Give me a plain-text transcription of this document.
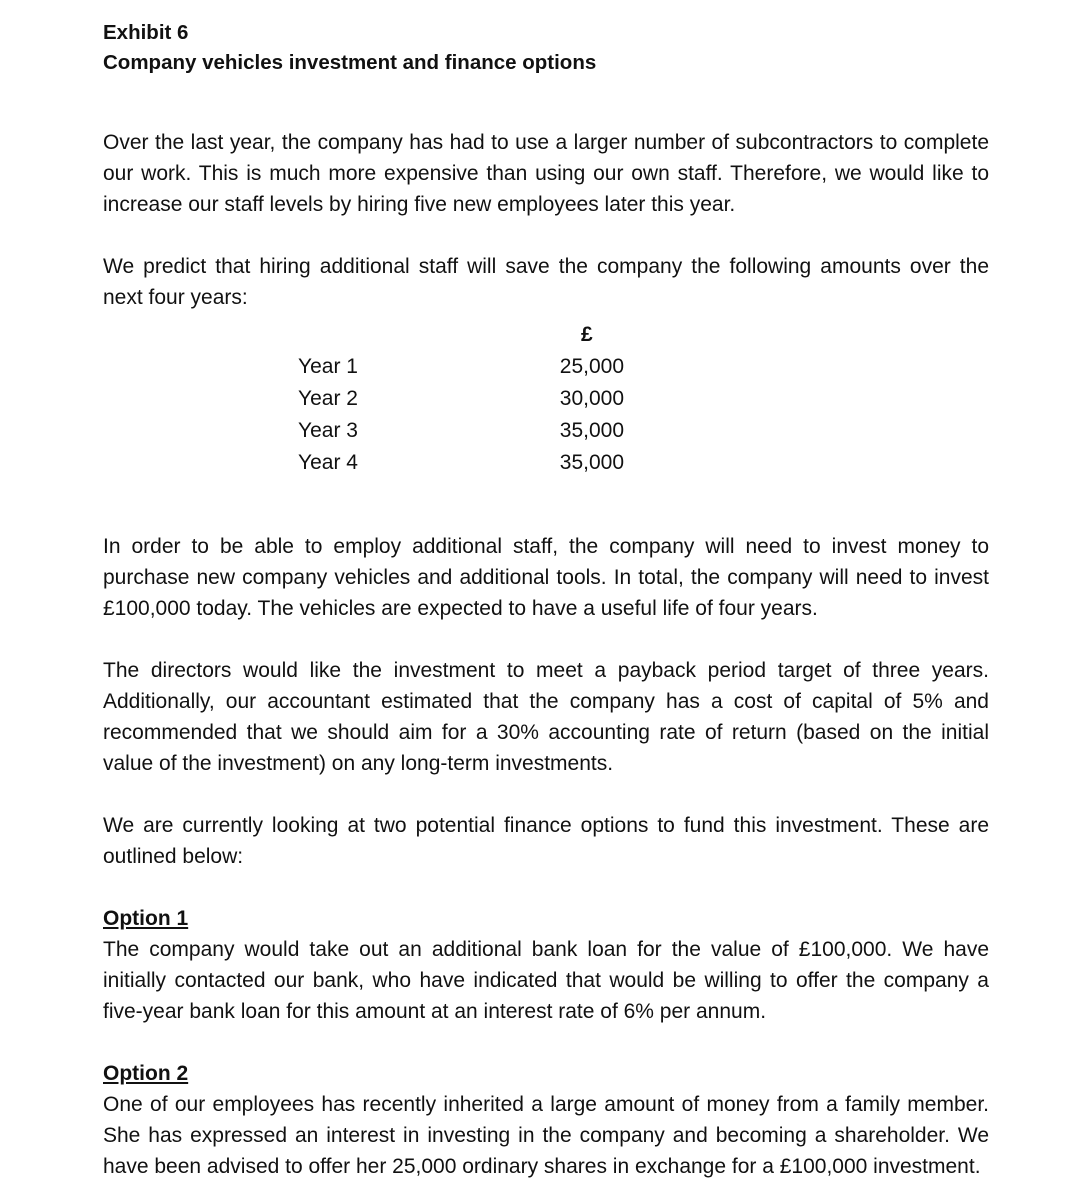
Exhibit 6

Company vehicles investment and finance options

Over the last year, the company has had to use a larger number of subcontractors to complete our work. This is much more expensive than using our own staff. Therefore, we would like to increase our staff levels by hiring five new employees later this year.

We predict that hiring additional staff will save the company the following amounts over the next four years:

£
Year 1	25,000
Year 2	30,000
Year 3	35,000
Year 4	35,000

In order to be able to employ additional staff, the company will need to invest money to purchase new company vehicles and additional tools. In total, the company will need to invest £100,000 today. The vehicles are expected to have a useful life of four years.

The directors would like the investment to meet a payback period target of three years. Additionally, our accountant estimated that the company has a cost of capital of 5% and recommended that we should aim for a 30% accounting rate of return (based on the initial value of the investment) on any long-term investments.

We are currently looking at two potential finance options to fund this investment. These are outlined below:

Option 1

The company would take out an additional bank loan for the value of £100,000. We have initially contacted our bank, who have indicated that would be willing to offer the company a five-year bank loan for this amount at an interest rate of 6% per annum.

Option 2

One of our employees has recently inherited a large amount of money from a family member. She has expressed an interest in investing in the company and becoming a shareholder. We have been advised to offer her 25,000 ordinary shares in exchange for a £100,000 investment.
